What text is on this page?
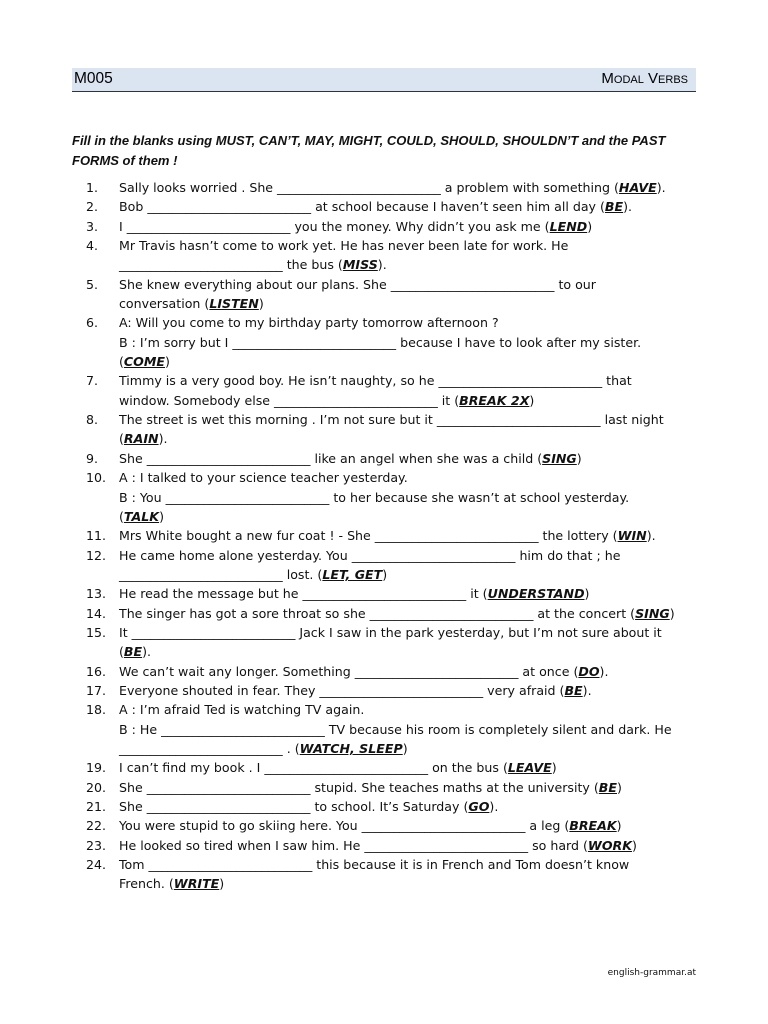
M005	Modal Verbs
Fill in the blanks using MUST, CAN’T, MAY, MIGHT, COULD, SHOULD, SHOULDN’T and the PAST
FORMS of them !
1.	Sally looks worried . She __________________________ a problem with something (HAVE).
2.	Bob __________________________ at school because I haven’t seen him all day (BE).
3.	I __________________________ you the money. Why didn’t you ask me (LEND)
4.	Mr Travis hasn’t come to work yet. He has never been late for work. He
__________________________ the bus (MISS).
5.	She knew everything about our plans. She __________________________ to our
conversation (LISTEN)
6.	A: Will you come to my birthday party tomorrow afternoon ?
B : I’m sorry but I __________________________ because I have to look after my sister.
(COME)
7.	Timmy is a very good boy. He isn’t naughty, so he __________________________ that
window. Somebody else __________________________ it (BREAK 2X)
8.	The street is wet this morning . I’m not sure but it __________________________ last night
(RAIN).
9.	She __________________________ like an angel when she was a child (SING)
10.	A : I talked to your science teacher yesterday.
B : You __________________________ to her because she wasn’t at school yesterday.
(TALK)
11.	Mrs White bought a new fur coat ! - She __________________________ the lottery (WIN).
12.	He came home alone yesterday. You __________________________ him do that ; he
__________________________ lost. (LET, GET)
13.	He read the message but he __________________________ it (UNDERSTAND)
14.	The singer has got a sore throat so she __________________________ at the concert (SING)
15.	It __________________________ Jack I saw in the park yesterday, but I’m not sure about it
(BE).
16.	We can’t wait any longer. Something __________________________ at once (DO).
17.	Everyone shouted in fear. They __________________________ very afraid (BE).
18.	A : I’m afraid Ted is watching TV again.
B : He __________________________ TV because his room is completely silent and dark. He
__________________________ . (WATCH, SLEEP)
19.	I can’t find my book . I __________________________ on the bus (LEAVE)
20.	She __________________________ stupid. She teaches maths at the university (BE)
21.	She __________________________ to school. It’s Saturday (GO).
22.	You were stupid to go skiing here. You __________________________ a leg (BREAK)
23.	He looked so tired when I saw him. He __________________________ so hard (WORK)
24.	Tom __________________________ this because it is in French and Tom doesn’t know
French. (WRITE)
english-grammar.at
